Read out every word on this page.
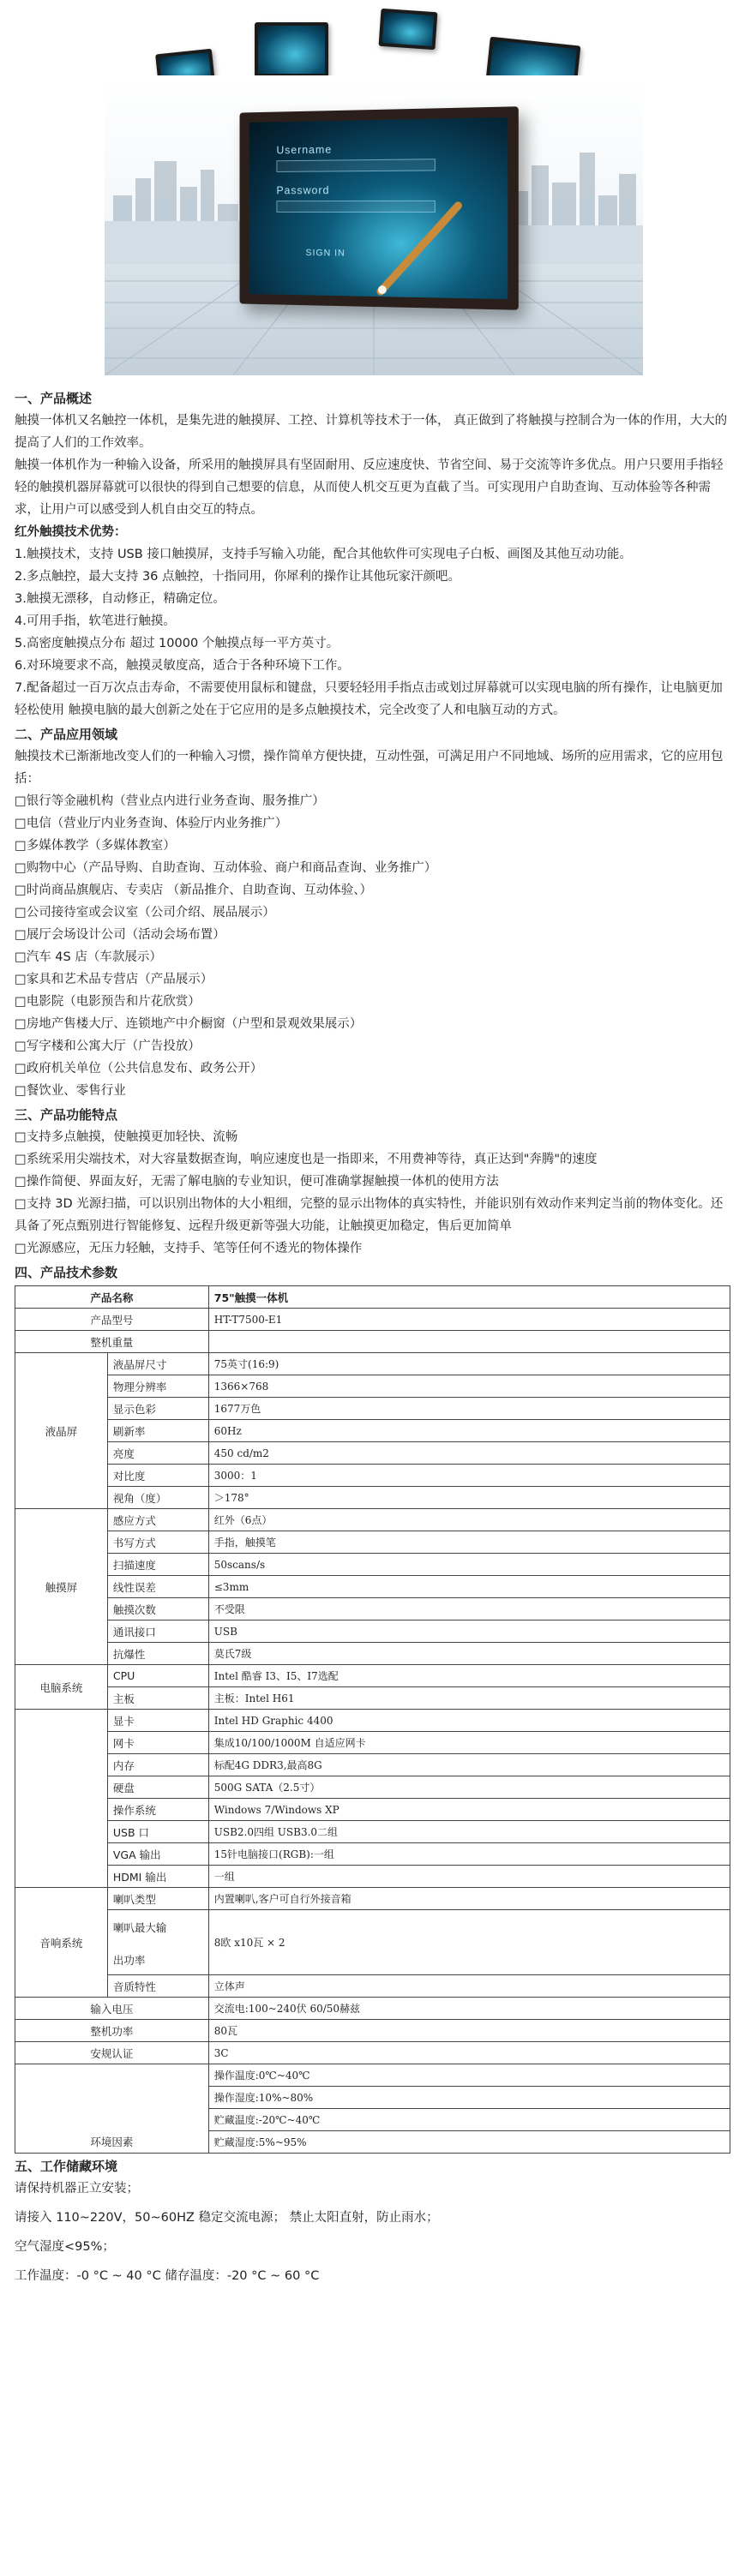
Username
Password
SIGN IN
一、产品概述
触摸一体机又名触控一体机，是集先进的触摸屏、工控、计算机等技术于一体， 真正做到了将触摸与控制合为一体的作用，大大的提高了人们的工作效率。
触摸一体机作为一种输入设备，所采用的触摸屏具有坚固耐用、反应速度快、节省空间、易于交流等许多优点。用户只要用手指轻轻的触摸机器屏幕就可以很快的得到自己想要的信息，从而使人机交互更为直截了当。可实现用户自助查询、互动体验等各种需求，让用户可以感受到人机自由交互的特点。
红外触摸技术优势：
1.触摸技术，支持 USB 接口触摸屏，支持手写输入功能，配合其他软件可实现电子白板、画图及其他互动功能。
2.多点触控，最大支持 36 点触控，十指同用，你犀利的操作让其他玩家汗颜吧。
3.触摸无漂移，自动修正，精确定位。
4.可用手指，软笔进行触摸。
5.高密度触摸点分布 超过 10000 个触摸点每一平方英寸。
6.对环境要求不高，触摸灵敏度高，适合于各种环境下工作。
7.配备超过一百万次点击寿命，不需要使用鼠标和键盘，只要轻轻用手指点击或划过屏幕就可以实现电脑的所有操作，让电脑更加轻松使用 触摸电脑的最大创新之处在于它应用的是多点触摸技术，完全改变了人和电脑互动的方式。
二、产品应用领域
触摸技术已渐渐地改变人们的一种输入习惯，操作简单方便快捷，互动性强，可满足用户不同地域、场所的应用需求，它的应用包括：
□银行等金融机构（营业点内进行业务查询、服务推广）
□电信（营业厅内业务查询、体验厅内业务推广）
□多媒体教学（多媒体教室）
□购物中心（产品导购、自助查询、互动体验、商户和商品查询、业务推广）
□时尚商品旗舰店、专卖店 （新品推介、自助查询、互动体验、）
□公司接待室或会议室（公司介绍、展品展示）
□展厅会场设计公司（活动会场布置）
□汽车 4S 店（车款展示）
□家具和艺术品专营店（产品展示）
□电影院（电影预告和片花欣赏）
□房地产售楼大厅、连锁地产中介橱窗（户型和景观效果展示）
□写字楼和公寓大厅（广告投放）
□政府机关单位（公共信息发布、政务公开）
□餐饮业、零售行业
三、产品功能特点
□支持多点触摸，使触摸更加轻快、流畅
□系统采用尖端技术，对大容量数据查询，响应速度也是一指即来，不用费神等待，真正达到"奔腾"的速度
□操作简便、界面友好，无需了解电脑的专业知识，便可准确掌握触摸一体机的使用方法
□支持 3D 光源扫描，可以识别出物体的大小粗细，完整的显示出物体的真实特性，并能识别有效动作来判定当前的物体变化。还具备了死点甄别进行智能修复、远程升级更新等强大功能，让触摸更加稳定，售后更加简单
□光源感应，无压力轻触，支持手、笔等任何不透光的物体操作
四、产品技术参数
产品名称		75"触摸一体机
产品型号		HT-T7500-E1
整机重量		
液晶屏	液晶屏尺寸	75英寸(16:9)
	物理分辨率	1366×768
	显示色彩	1677万色
	刷新率	60Hz
	亮度	450 cd/m2
	对比度	3000：1
	视角（度）	＞178°
触摸屏	感应方式	红外（6点）
	书写方式	手指，触摸笔
	扫描速度	50scans/s
	线性误差	≤3mm
	触摸次数	不受限
	通讯接口	USB
	抗爆性	莫氏7级
电脑系统	CPU	Intel 酷睿 I3、I5、I7选配
	主板	主板：Intel H61
	显卡	Intel HD Graphic 4400
	网卡	集成10/100/1000M 自适应网卡
	内存	标配4G DDR3,最高8G
	硬盘	500G SATA（2.5寸）
	操作系统	Windows 7/Windows XP
	USB 口	USB2.0四组 USB3.0二组
	VGA 输出	15针电脑接口(RGB):一组
	HDMI 输出	一组
音响系统	喇叭类型	内置喇叭,客户可自行外接音箱

	喇叭最大输
出功率	8欧 x10瓦 × 2
	音质特性	立体声
输入电压		交流电:100~240伏 60/50赫兹
整机功率		80瓦
安规认证		3C
环境因素		操作温度:0℃~40℃
		操作湿度:10%~80%
		贮藏温度:-20℃~40℃
		贮藏湿度:5%~95%
五、工作储藏环境
请保持机器正立安装；
请接入 110~220V，50~60HZ 稳定交流电源； 禁止太阳直射，防止雨水；
空气湿度<95%；
工作温度：-0 °C ~ 40 °C 储存温度：-20 °C ~ 60 °C
